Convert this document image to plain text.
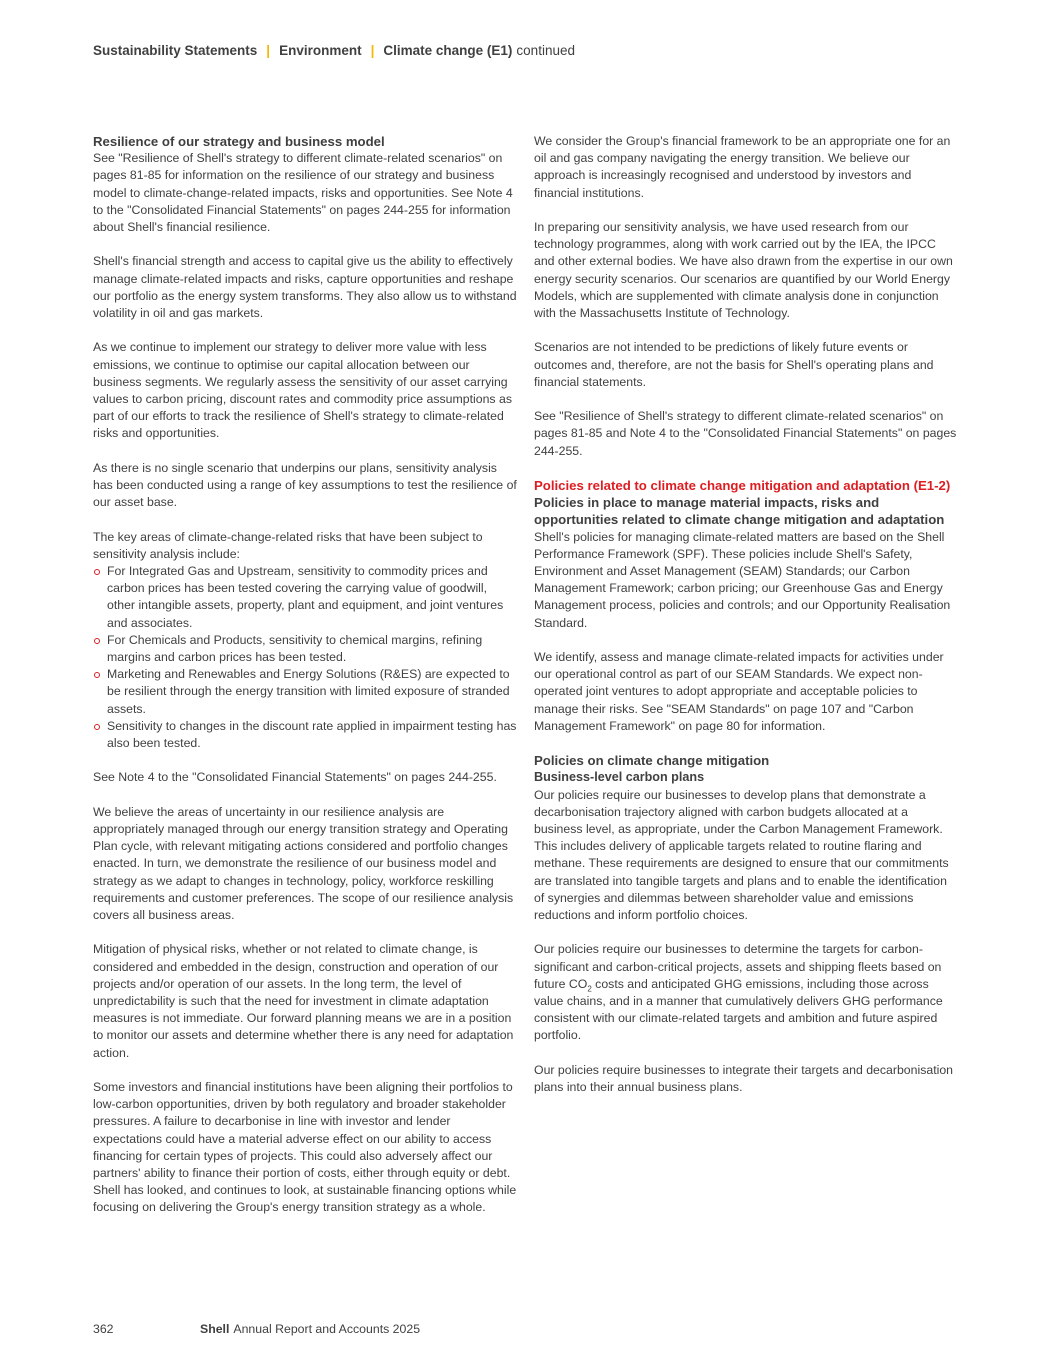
Sustainability Statements | Environment | Climate change (E1) continued
Resilience of our strategy and business model

See "Resilience of Shell's strategy to different climate-related scenarios" on pages 81-85 for information on the resilience of our strategy and business model to climate-change-related impacts, risks and opportunities. See Note 4 to the "Consolidated Financial Statements" on pages 244-255 for information about Shell's financial resilience.

Shell's financial strength and access to capital give us the ability to effectively manage climate-related impacts and risks, capture opportunities and reshape our portfolio as the energy system transforms. They also allow us to withstand volatility in oil and gas markets.

As we continue to implement our strategy to deliver more value with less emissions, we continue to optimise our capital allocation between our business segments. We regularly assess the sensitivity of our asset carrying values to carbon pricing, discount rates and commodity price assumptions as part of our efforts to track the resilience of Shell's strategy to climate-related risks and opportunities.

As there is no single scenario that underpins our plans, sensitivity analysis has been conducted using a range of key assumptions to test the resilience of our asset base.

The key areas of climate-change-related risks that have been subject to sensitivity analysis include:

For Integrated Gas and Upstream, sensitivity to commodity prices and carbon prices has been tested covering the carrying value of goodwill, other intangible assets, property, plant and equipment, and joint ventures and associates.
For Chemicals and Products, sensitivity to chemical margins, refining margins and carbon prices has been tested.
Marketing and Renewables and Energy Solutions (R&ES) are expected to be resilient through the energy transition with limited exposure of stranded assets.
Sensitivity to changes in the discount rate applied in impairment testing has also been tested.

See Note 4 to the "Consolidated Financial Statements" on pages 244-255.

We believe the areas of uncertainty in our resilience analysis are appropriately managed through our energy transition strategy and Operating Plan cycle, with relevant mitigating actions considered and portfolio changes enacted. In turn, we demonstrate the resilience of our business model and strategy as we adapt to changes in technology, policy, workforce reskilling requirements and customer preferences. The scope of our resilience analysis covers all business areas.

Mitigation of physical risks, whether or not related to climate change, is considered and embedded in the design, construction and operation of our projects and/or operation of our assets. In the long term, the level of unpredictability is such that the need for investment in climate adaptation measures is not immediate. Our forward planning means we are in a position to monitor our assets and determine whether there is any need for adaptation action.

Some investors and financial institutions have been aligning their portfolios to low-carbon opportunities, driven by both regulatory and broader stakeholder pressures. A failure to decarbonise in line with investor and lender expectations could have a material adverse effect on our ability to access financing for certain types of projects. This could also adversely affect our partners' ability to finance their portion of costs, either through equity or debt. Shell has looked, and continues to look, at sustainable financing options while focusing on delivering the Group's energy transition strategy as a whole.

We consider the Group's financial framework to be an appropriate one for an oil and gas company navigating the energy transition. We believe our approach is increasingly recognised and understood by investors and financial institutions.

In preparing our sensitivity analysis, we have used research from our technology programmes, along with work carried out by the IEA, the IPCC and other external bodies. We have also drawn from the expertise in our own energy security scenarios. Our scenarios are quantified by our World Energy Models, which are supplemented with climate analysis done in conjunction with the Massachusetts Institute of Technology.

Scenarios are not intended to be predictions of likely future events or outcomes and, therefore, are not the basis for Shell's operating plans and financial statements.

See "Resilience of Shell's strategy to different climate-related scenarios" on pages 81-85 and Note 4 to the "Consolidated Financial Statements" on pages 244-255.

Policies related to climate change mitigation and adaptation (E1-2)
Policies in place to manage material impacts, risks and opportunities related to climate change mitigation and adaptation

Shell's policies for managing climate-related matters are based on the Shell Performance Framework (SPF). These policies include Shell's Safety, Environment and Asset Management (SEAM) Standards; our Carbon Management Framework; carbon pricing; our Greenhouse Gas and Energy Management process, policies and controls; and our Opportunity Realisation Standard.

We identify, assess and manage climate-related impacts for activities under our operational control as part of our SEAM Standards. We expect non-operated joint ventures to adopt appropriate and acceptable policies to manage their risks. See "SEAM Standards" on page 107 and "Carbon Management Framework" on page 80 for information.

Policies on climate change mitigation
Business-level carbon plans

Our policies require our businesses to develop plans that demonstrate a decarbonisation trajectory aligned with carbon budgets allocated at a business level, as appropriate, under the Carbon Management Framework. This includes delivery of applicable targets related to routine flaring and methane. These requirements are designed to ensure that our commitments are translated into tangible targets and plans and to enable the identification of synergies and dilemmas between shareholder value and emissions reductions and inform portfolio choices.

Our policies require our businesses to determine the targets for carbon-significant and carbon-critical projects, assets and shipping fleets based on future $CO_2$ costs and anticipated GHG emissions, including those across value chains, and in a manner that cumulatively delivers GHG performance consistent with our climate-related targets and ambition and future aspired portfolio.

Our policies require businesses to integrate their targets and decarbonisation plans into their annual business plans.

362	Shell Annual Report and Accounts 2025
